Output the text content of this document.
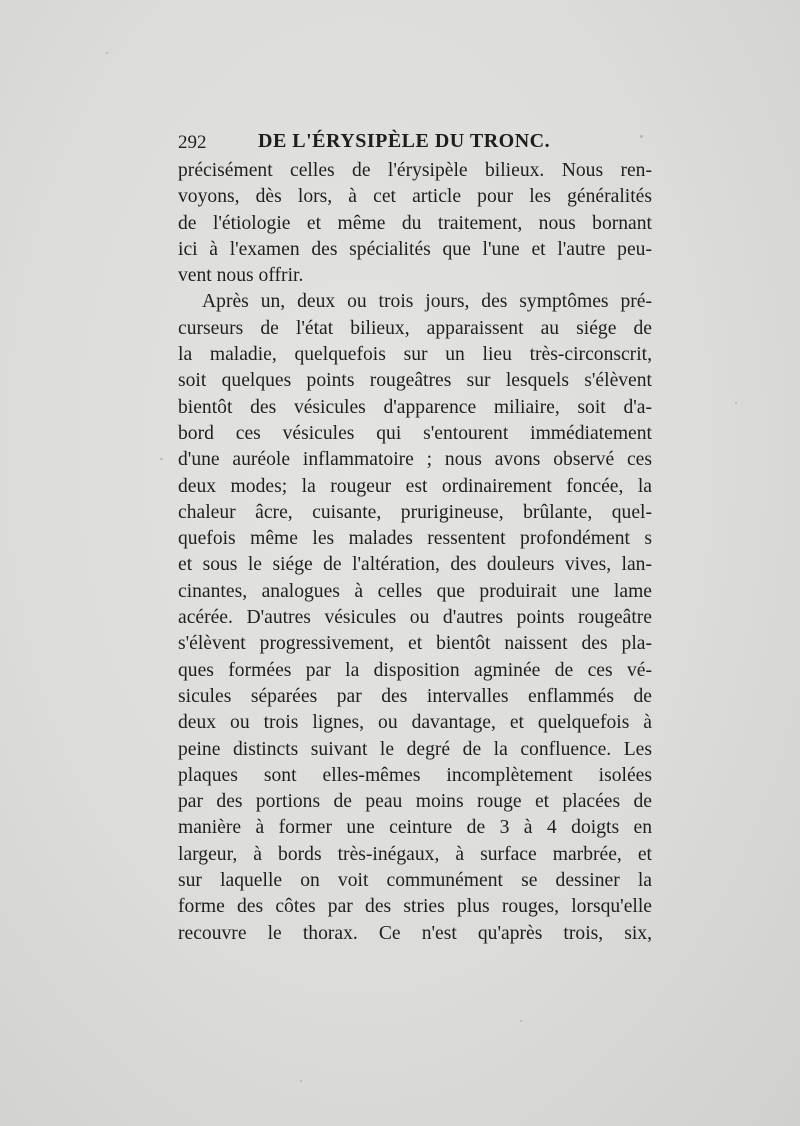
292	DE L'ÉRYSIPÈLE DU TRONC.
précisément celles de l'érysipèle bilieux. Nous ren-
voyons, dès lors, à cet article pour les généralités
de l'étiologie et même du traitement, nous bornant
ici à l'examen des spécialités que l'une et l'autre peu-
vent nous offrir.
Après un, deux ou trois jours, des symptômes pré-
curseurs de l'état bilieux, apparaissent au siége de
la maladie, quelquefois sur un lieu très-circonscrit,
soit quelques points rougeâtres sur lesquels s'élèvent
bientôt des vésicules d'apparence miliaire, soit d'a-
bord ces vésicules qui s'entourent immédiatement
d'une auréole inflammatoire ; nous avons observé ces
deux modes; la rougeur est ordinairement foncée, la
chaleur âcre, cuisante, prurigineuse, brûlante, quel-
quefois même les malades ressentent profondément s
et sous le siége de l'altération, des douleurs vives, lan-
cinantes, analogues à celles que produirait une lame
acérée. D'autres vésicules ou d'autres points rougeâtre
s'élèvent progressivement, et bientôt naissent des pla-
ques formées par la disposition agminée de ces vé-
sicules séparées par des intervalles enflammés de
deux ou trois lignes, ou davantage, et quelquefois à
peine distincts suivant le degré de la confluence. Les
plaques sont elles-mêmes incomplètement isolées
par des portions de peau moins rouge et placées de
manière à former une ceinture de 3 à 4 doigts en
largeur, à bords très-inégaux, à surface marbrée, et
sur laquelle on voit communément se dessiner la
forme des côtes par des stries plus rouges, lorsqu'elle
recouvre le thorax. Ce n'est qu'après trois, six,
